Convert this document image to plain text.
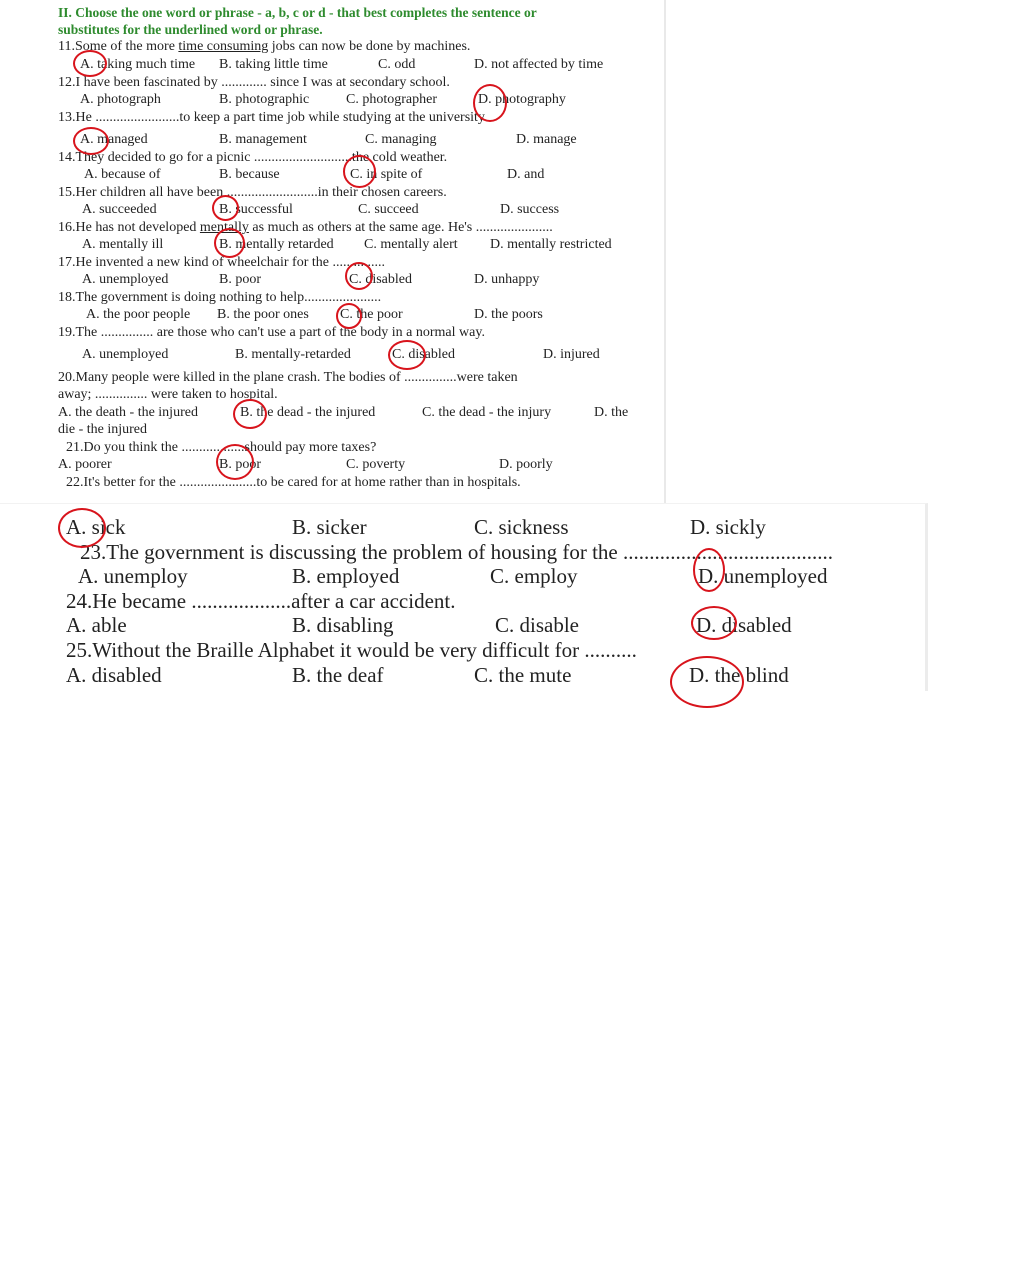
II. Choose the one word or phrase - a, b, c or d - that best completes the sentence or
substitutes for the underlined word or phrase.
11.Some of the more time consuming jobs can now be done by machines.
A. taking much time B. taking little time	C. odd	D. not affected by time
12.I have been fascinated by ............. since I was at secondary school.
A. photograph	B. photographic	C. photographer	D. photography
13.He ........................to keep a part time job while studying at the university.
A. managed	B. management	C. managing	D. manage
14.They decided to go for a picnic ............................the cold weather.
A. because of	B. because	C. in spite of	D. and
15.Her children all have been ..........................in their chosen careers.
A. succeeded	B. successful	C. succeed	D. success
16.He has not developed mentally as much as others at the same age. He's ......................
A. mentally ill	B. mentally retarded C. mentally alert D. mentally restricted
17.He invented a new kind of wheelchair for the ...............
A. unemployed	B. poor	C. disabled	D. unhappy
18.The government is doing nothing to help......................
A. the poor people B. the poor ones C. the poor	D. the poors
19.The ............... are those who can't use a part of the body in a normal way.
A. unemployed	B. mentally-retarded	C. disabled	D. injured
20.Many people were killed in the plane crash. The bodies of ...............were taken
away; ............... were taken to hospital.
A. the death - the injured	B. the dead - the injured	C. the dead - the injury	D. the
die - the injured
21.Do you think the ..................should pay more taxes?
A. poorer	B. poor	C. poverty	D. poorly
22.It's better for the ......................to be cared for at home rather than in hospitals.
A. sick	B. sicker	C. sickness	D. sickly
23.The government is discussing the problem of housing for the ........................................
A. unemploy	B. employed	C. employ	D. unemployed
24.He became ...................after a car accident.
A. able	B. disabling	C. disable	D. disabled
25.Without the Braille Alphabet it would be very difficult for ..........
A. disabled	B. the deaf	C. the mute	D. the blind
